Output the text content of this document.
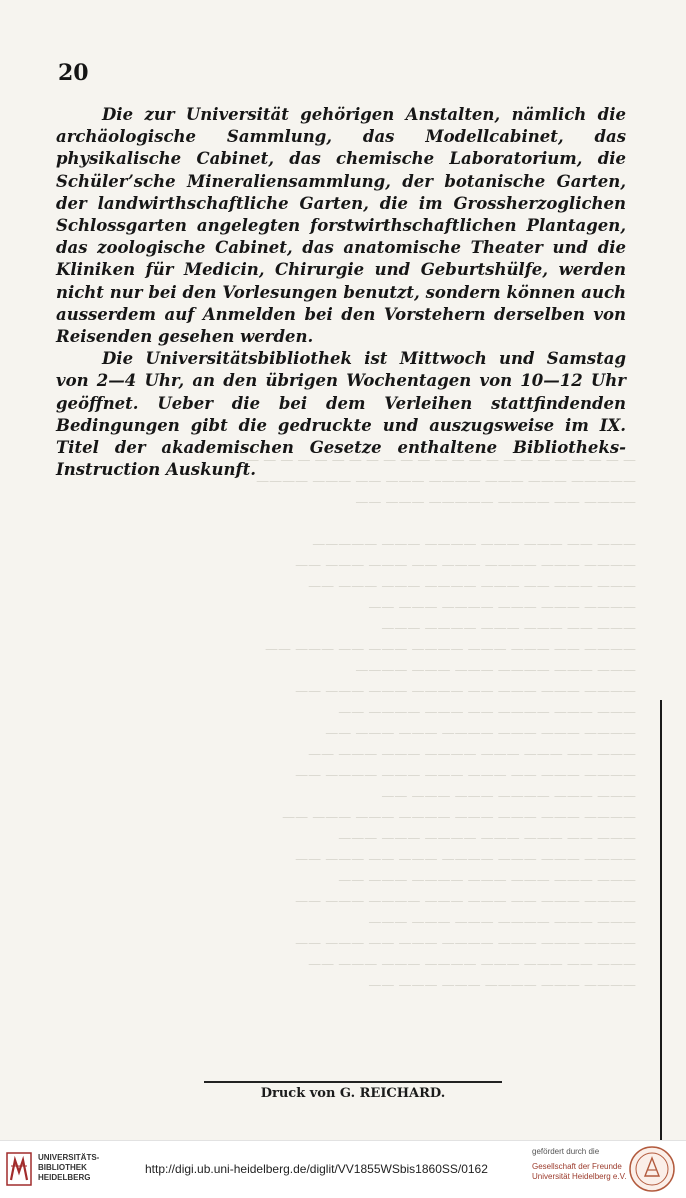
20

Die zur Universität gehörigen Anstalten, nämlich die archäologische Sammlung, das Modellcabinet, das physikalische Cabinet, das chemische Laboratorium, die Schüler’sche Mineraliensammlung, der botanische Garten, der landwirthschaftliche Garten, die im Grossherzoglichen Schlossgarten angelegten forstwirthschaftlichen Plantagen, das zoologische Cabinet, das anatomische Theater und die Kliniken für Medicin, Chirurgie und Geburtshülfe, werden nicht nur bei den Vorlesungen benutzt, sondern können auch ausserdem auf Anmelden bei den Vorstehern derselben von Reisenden gesehen werden.

Die Universitätsbibliothek ist Mittwoch und Samstag von 2—4 Uhr, an den übrigen Wochentagen von 10—12 Uhr geöffnet. Ueber die bei dem Verleihen stattfindenden Bedingungen gibt die gedruckte und auszugsweise im IX. Titel der akademischen Gesetze enthaltene Bibliotheks-Instruction Auskunft.

— — — — — — — — — — — — — — — — — — — — — — —
————— ——— ——— ———— ——— —— ——— ————
———— —— ———— ————— ——— ——

——— —— ——— ——— ———— ——— —————
———— ——— ———— ——— —— ——— ——— ——
——— ——— —— ——— ———— ——— ——— ——
———— ——— ——— ———— ——— ——
——— —— ——— ——— ———— ———
———— —— ——— ——— ———— ——— —— ——— ——
——— ——— ———— ——— ——— ————
———— ——— ——— —— ———— ——— ——— ——
——— ——— ———— —— ——— ———— ——
———— ——— ——— ———— ——— ——— ——
——— —— ——— ——— ———— ——— ——— ——
———— ——— —— ——— ——— ——— ———— ——
——— ——— ———— ——— ——— ——
———— ——— ——— ——— ———— ——— ——— ——
——— —— ——— ——— ———— ——— ———
———— ——— ——— ———— ——— —— ——— ——
——— ——— ——— ——— ———— ——— ——
———— ——— —— ——— ——— ———— ——— ——
——— ——— ———— ——— ——— ———
———— ——— ——— ———— ——— —— ——— ——
——— —— ——— ——— ———— ——— ——— ——
———— ——— ———— ——— ——— ——
Druck von G. REICHARD.
UNIVERSITÄTS-
BIBLIOTHEK
HEIDELBERG
http://digi.ub.uni-heidelberg.de/diglit/VV1855WSbis1860SS/0162
gefördert durch die
Gesellschaft der Freunde
Universität Heidelberg e.V.
